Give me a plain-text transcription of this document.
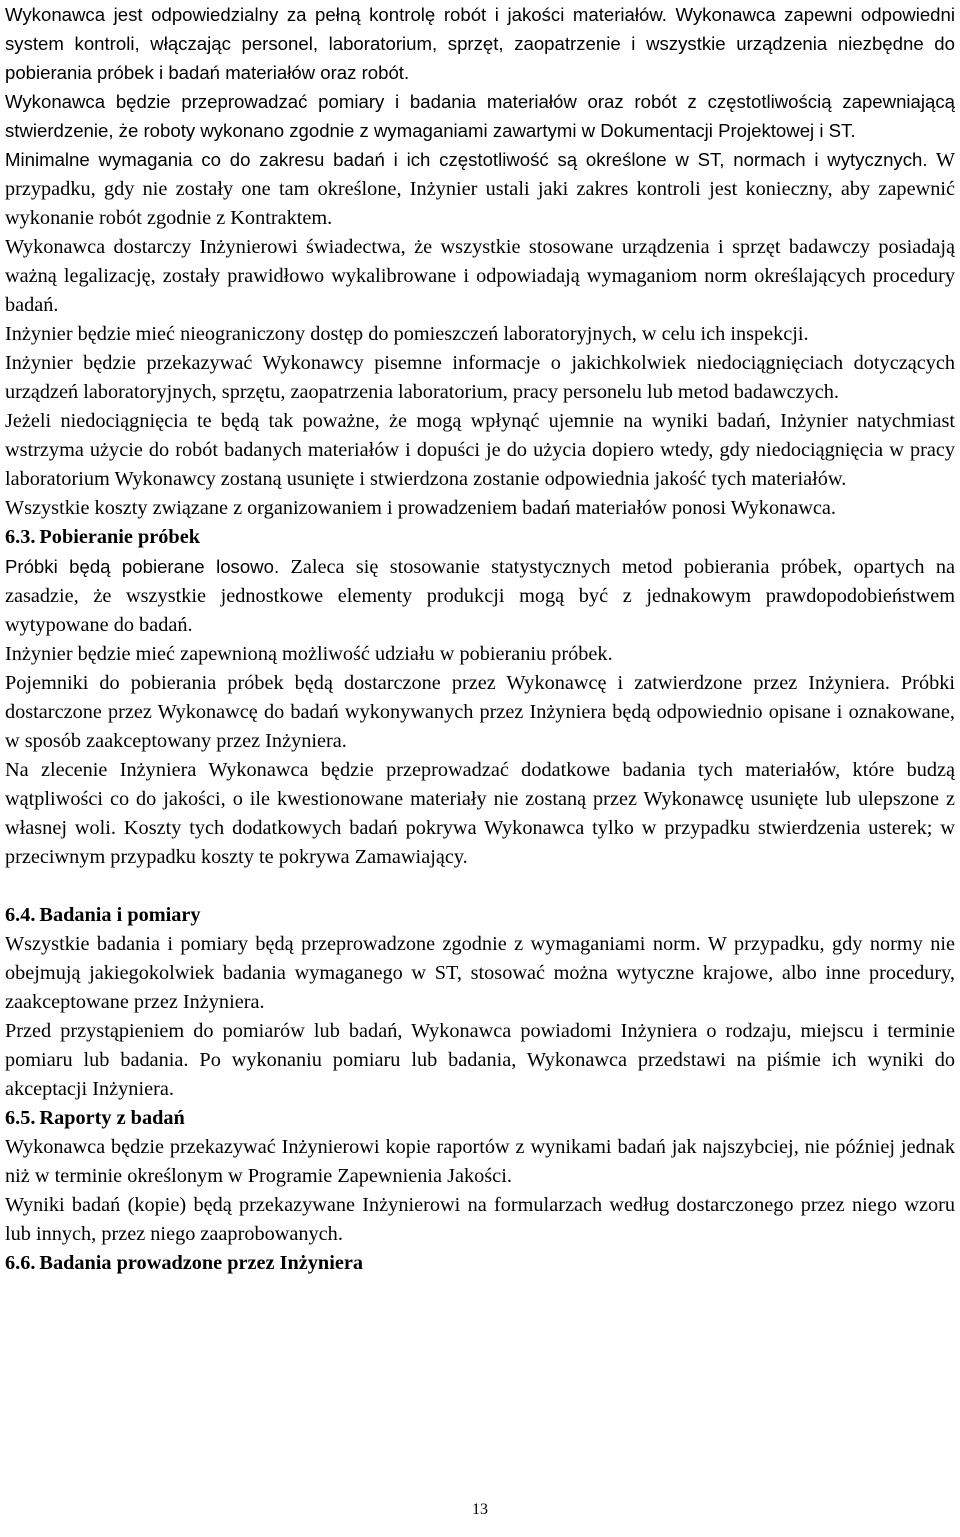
Wykonawca jest odpowiedzialny za pełną kontrolę robót i jakości materiałów. Wykonawca zapewni odpowiedni system kontroli, włączając personel, laboratorium, sprzęt, zaopatrzenie i wszystkie urządzenia niezbędne do pobierania próbek i badań materiałów oraz robót.

Wykonawca będzie przeprowadzać pomiary i badania materiałów oraz robót z częstotliwością zapewniającą stwierdzenie, że roboty wykonano zgodnie z wymaganiami zawartymi w Dokumentacji Projektowej i ST.

Minimalne wymagania co do zakresu badań i ich częstotliwość są określone w ST, normach i wytycznych. W przypadku, gdy nie zostały one tam określone, Inżynier ustali jaki zakres kontroli jest konieczny, aby zapewnić wykonanie robót zgodnie z Kontraktem.

Wykonawca dostarczy Inżynierowi świadectwa, że wszystkie stosowane urządzenia i sprzęt badawczy posiadają ważną legalizację, zostały prawidłowo wykalibrowane i odpowiadają wymaganiom norm określających procedury badań.

Inżynier będzie mieć nieograniczony dostęp do pomieszczeń laboratoryjnych, w celu ich inspekcji.

Inżynier będzie przekazywać Wykonawcy pisemne informacje o jakichkolwiek niedociągnięciach dotyczących urządzeń laboratoryjnych, sprzętu, zaopatrzenia laboratorium, pracy personelu lub metod badawczych.

Jeżeli niedociągnięcia te będą tak poważne, że mogą wpłynąć ujemnie na wyniki badań, Inżynier natychmiast wstrzyma użycie do robót badanych materiałów i dopuści je do użycia dopiero wtedy, gdy niedociągnięcia w pracy laboratorium Wykonawcy zostaną usunięte i stwierdzona zostanie odpowiednia jakość tych materiałów.

Wszystkie koszty związane z organizowaniem i prowadzeniem badań materiałów ponosi Wykonawca.

6.3. Pobieranie próbek

Próbki będą pobierane losowo. Zaleca się stosowanie statystycznych metod pobierania próbek, opartych na zasadzie, że wszystkie jednostkowe elementy produkcji mogą być z jednakowym prawdopodobieństwem wytypowane do badań.

Inżynier będzie mieć zapewnioną możliwość udziału w pobieraniu próbek.

Pojemniki do pobierania próbek będą dostarczone przez Wykonawcę i zatwierdzone przez Inżyniera. Próbki dostarczone przez Wykonawcę do badań wykonywanych przez Inżyniera będą odpowiednio opisane i oznakowane, w sposób zaakceptowany przez Inżyniera.

Na zlecenie Inżyniera Wykonawca będzie przeprowadzać dodatkowe badania tych materiałów, które budzą wątpliwości co do jakości, o ile kwestionowane materiały nie zostaną przez Wykonawcę usunięte lub ulepszone z własnej woli. Koszty tych dodatkowych badań pokrywa Wykonawca tylko w przypadku stwierdzenia usterek; w przeciwnym przypadku koszty te pokrywa Zamawiający.

6.4. Badania i pomiary

Wszystkie badania i pomiary będą przeprowadzone zgodnie z wymaganiami norm. W przypadku, gdy normy nie obejmują jakiegokolwiek badania wymaganego w ST, stosować można wytyczne krajowe, albo inne procedury, zaakceptowane przez Inżyniera.

Przed przystąpieniem do pomiarów lub badań, Wykonawca powiadomi Inżyniera o rodzaju, miejscu i terminie pomiaru lub badania. Po wykonaniu pomiaru lub badania, Wykonawca przedstawi na piśmie ich wyniki do akceptacji Inżyniera.

6.5. Raporty z badań

Wykonawca będzie przekazywać Inżynierowi kopie raportów z wynikami badań jak najszybciej, nie później jednak niż w terminie określonym w Programie Zapewnienia Jakości.

Wyniki badań (kopie) będą przekazywane Inżynierowi na formularzach według dostarczonego przez niego wzoru lub innych, przez niego zaaprobowanych.

6.6. Badania prowadzone przez Inżyniera
13
